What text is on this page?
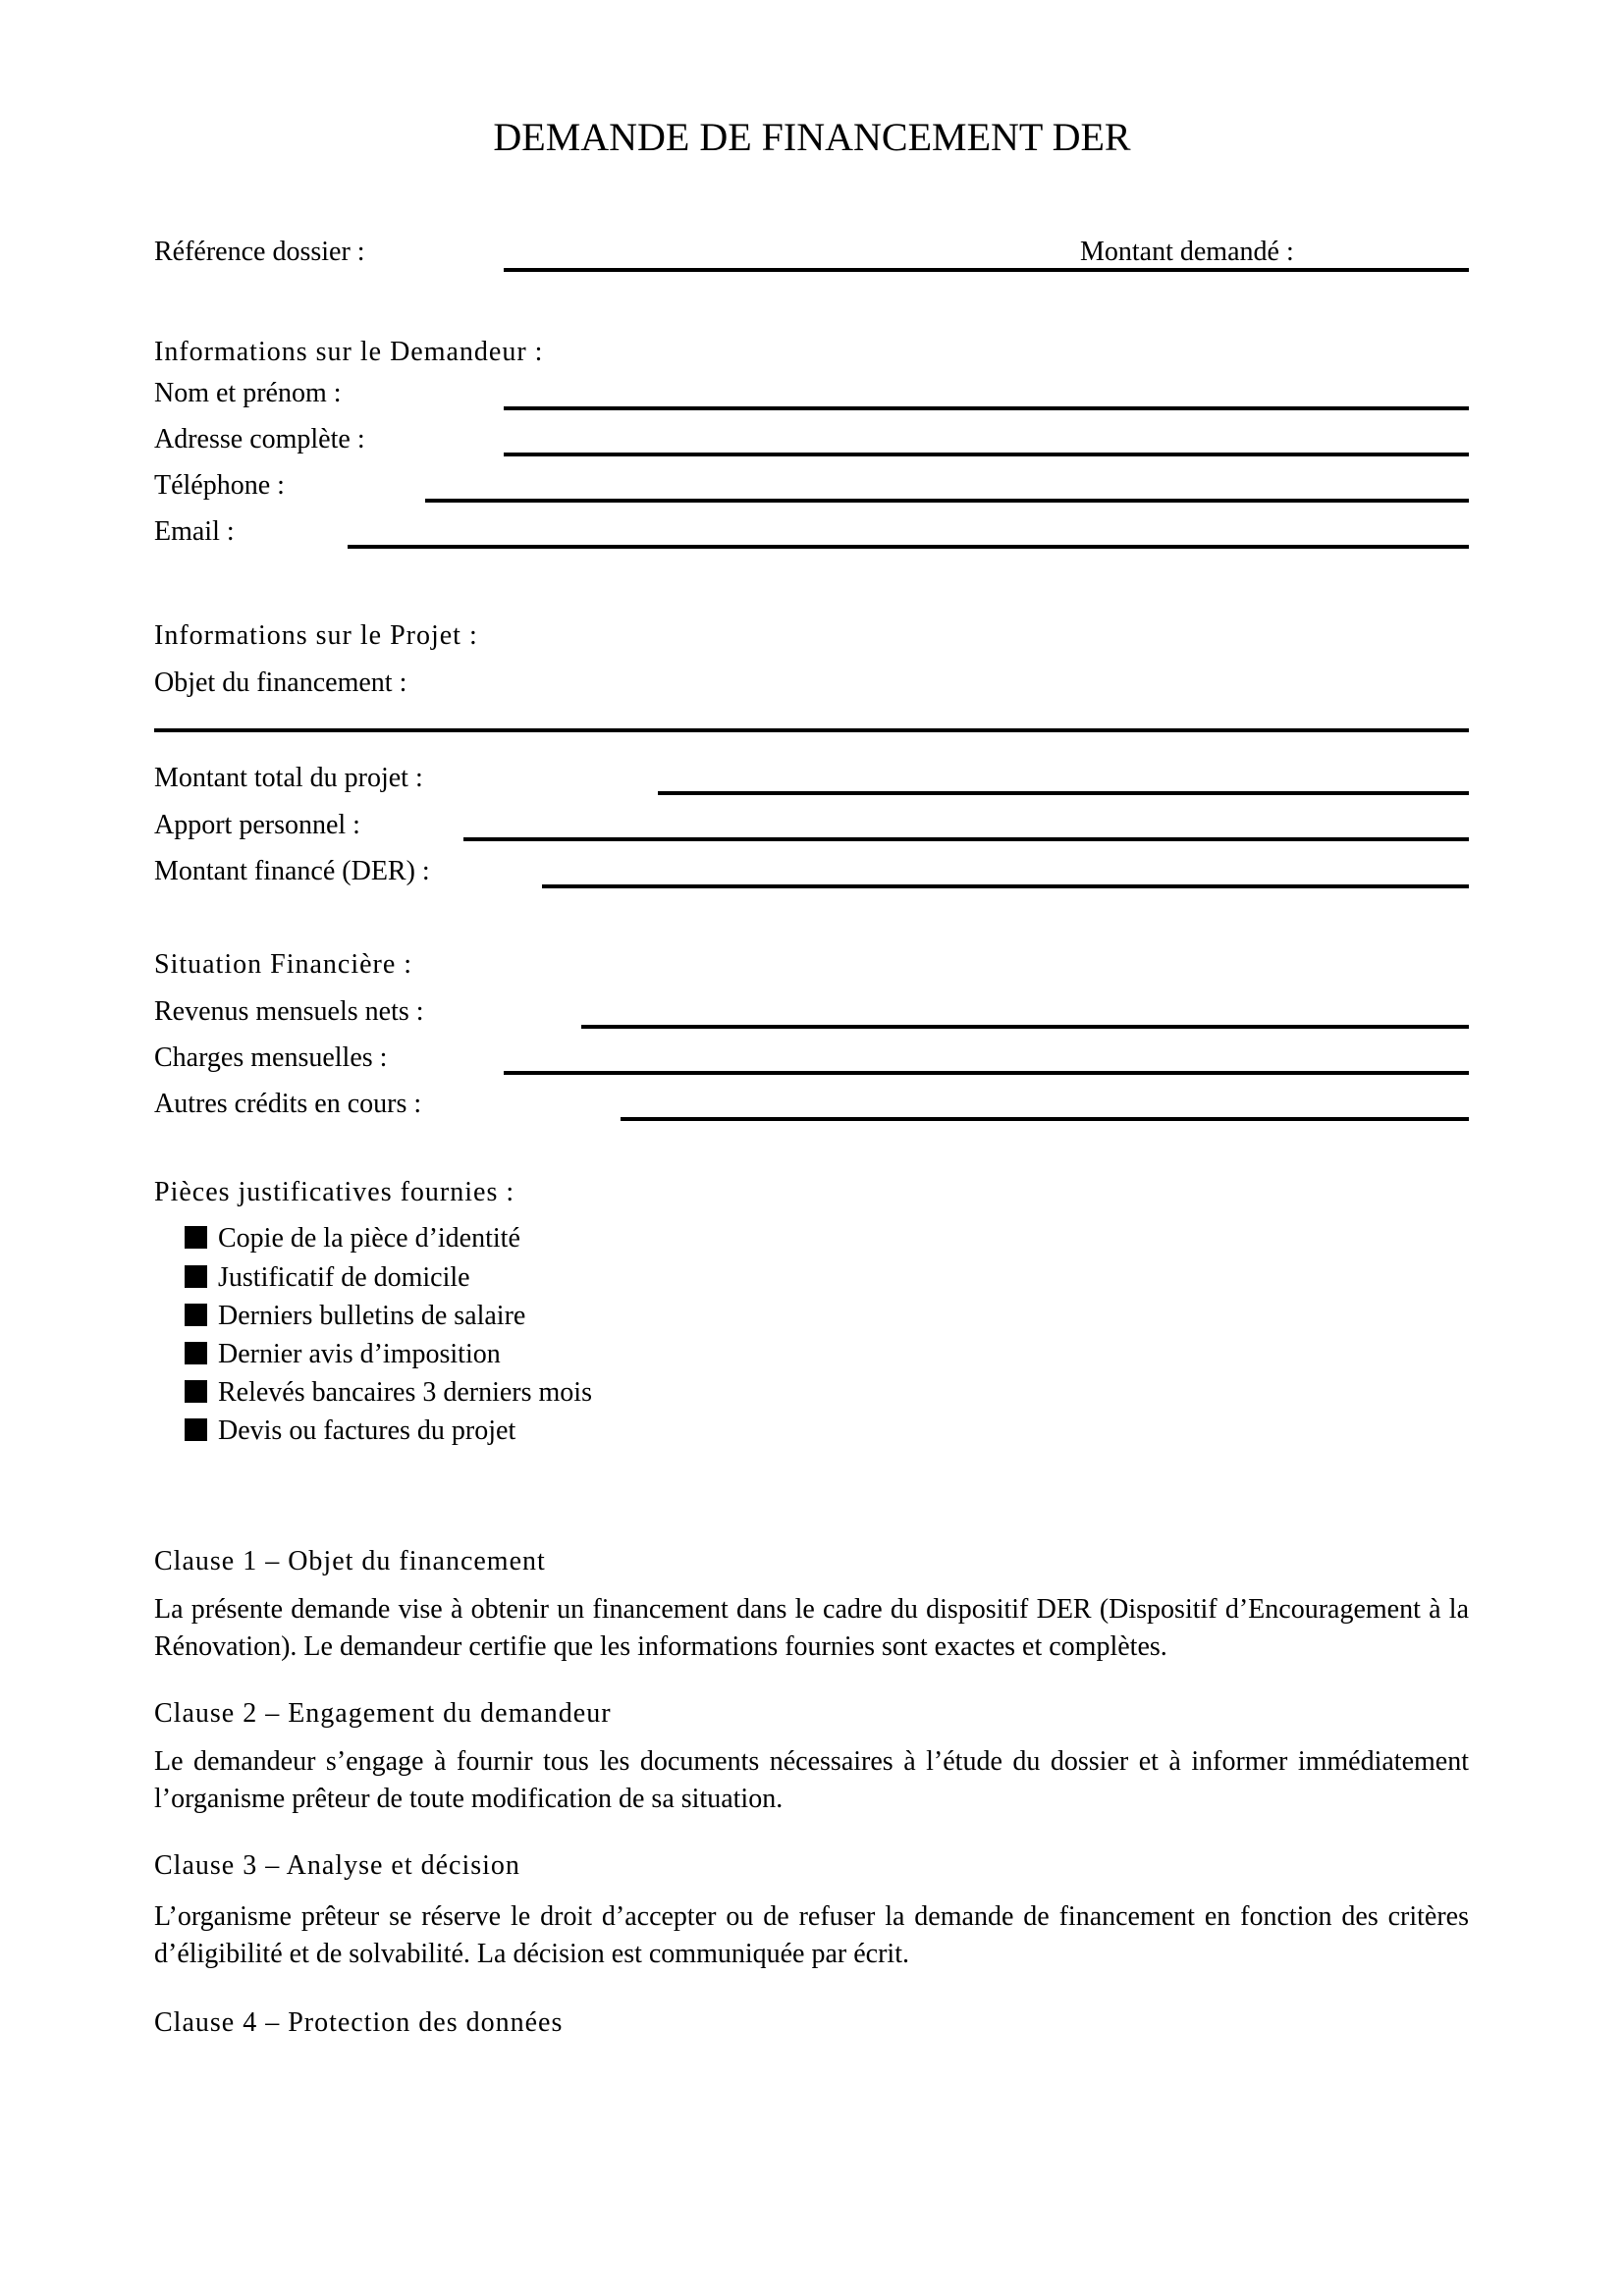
DEMANDE DE FINANCEMENT DER
Référence dossier :	Montant demandé :
Informations sur le Demandeur :
Nom et prénom :
Adresse complète :
Téléphone :
Email :
Informations sur le Projet :
Objet du financement :
Montant total du projet :
Apport personnel :
Montant financé (DER) :
Situation Financière :
Revenus mensuels nets :
Charges mensuelles :
Autres crédits en cours :
Pièces justificatives fournies :
Copie de la pièce d’identité
Justificatif de domicile
Derniers bulletins de salaire
Dernier avis d’imposition
Relevés bancaires 3 derniers mois
Devis ou factures du projet
Clause 1 – Objet du financement
La présente demande vise à obtenir un financement dans le cadre du dispositif DER (Dispositif d’Encouragement à la Rénovation). Le demandeur certifie que les informations fournies sont exactes et complètes.
Clause 2 – Engagement du demandeur
Le demandeur s’engage à fournir tous les documents nécessaires à l’étude du dossier et à informer immédiatement l’organisme prêteur de toute modification de sa situation.
Clause 3 – Analyse et décision
L’organisme prêteur se réserve le droit d’accepter ou de refuser la demande de financement en fonction des critères d’éligibilité et de solvabilité. La décision est communiquée par écrit.
Clause 4 – Protection des données
